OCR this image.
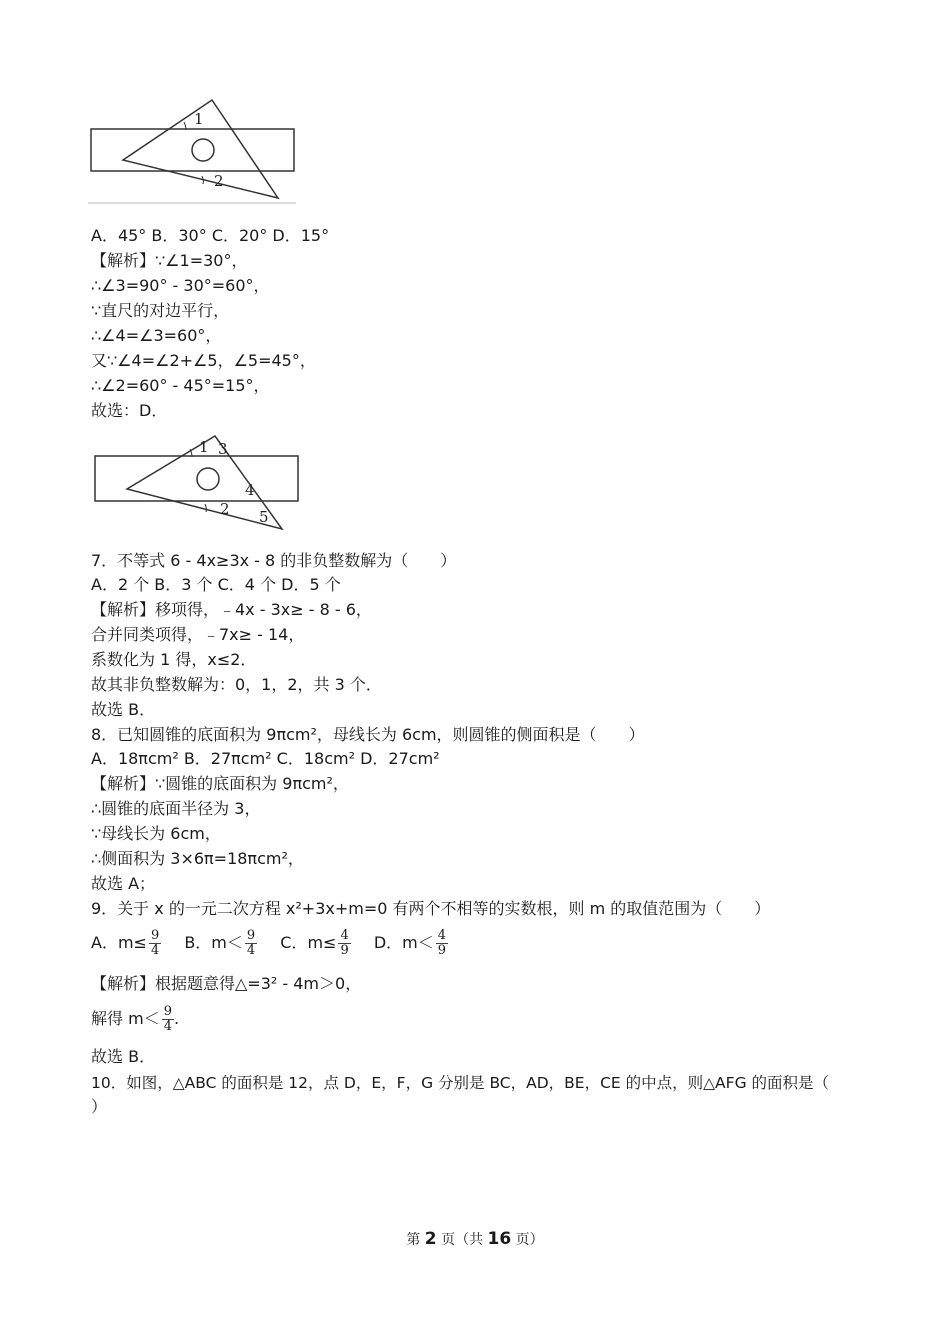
1
2
A．45° B．30° C．20° D．15°
【解析】∵∠1=30°，
∴∠3=90° - 30°=60°，
∵直尺的对边平行，
∴∠4=∠3=60°，
又∵∠4=∠2+∠5，∠5=45°，
∴∠2=60° - 45°=15°，
故选：D．
1 3
4
2 5
7．不等式 6 - 4x≥3x - 8 的非负整数解为（　　）
A．2 个 B．3 个 C．4 个 D．5 个
【解析】移项得，﹣4x - 3x≥ - 8 - 6，
合并同类项得，﹣7x≥ - 14，
系数化为 1 得，x≤2．
故其非负整数解为：0，1，2，共 3 个．
故选 B．
8．已知圆锥的底面积为 9πcm²，母线长为 6cm，则圆锥的侧面积是（　　）
A．18πcm² B．27πcm² C．18cm² D．27cm²
【解析】∵圆锥的底面积为 9πcm²，
∴圆锥的底面半径为 3，
∵母线长为 6cm，
∴侧面积为 3×6π=18πcm²，
故选 A；
9．关于 x 的一元二次方程 x²+3x+m=0 有两个不相等的实数根，则 m 的取值范围为（　　）
A．$m\le \frac{9}{4}$ B．$m< \frac{9}{4}$ C．$m\le \frac{4}{9}$ D．$m< \frac{4}{9}$
【解析】根据题意得△=3² - 4m＞0，
解得 $m< \frac{9}{4}$ .
故选 B．
10．如图，△ABC 的面积是 12，点 D，E，F，G 分别是 BC，AD，BE，CE 的中点，则△AFG 的面积是（
）
第 2 页（共 16 页）
